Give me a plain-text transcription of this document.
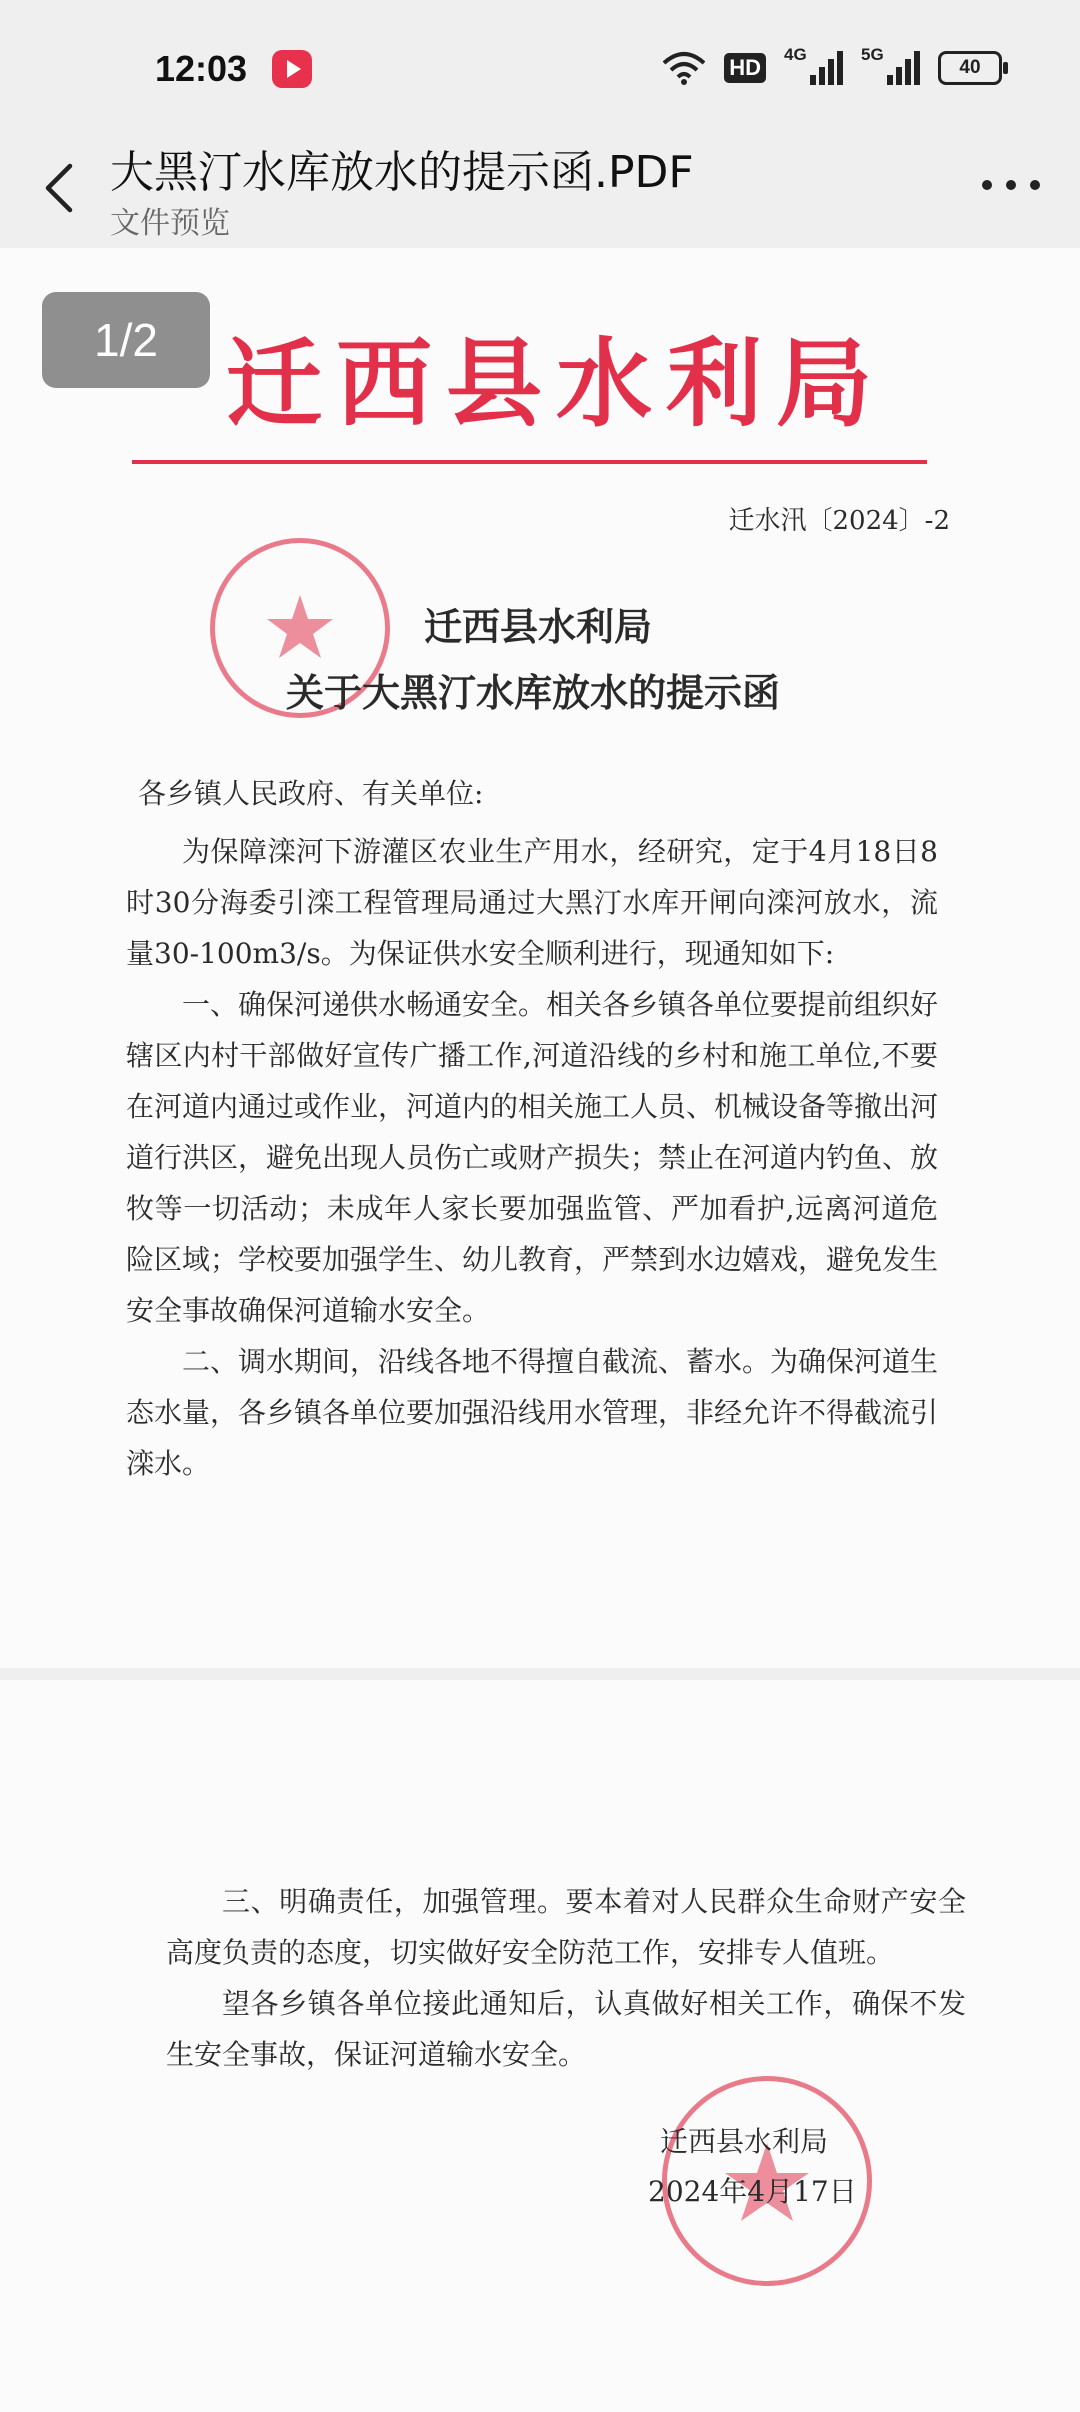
12:03	HD
4G	5G
40
大黑汀水库放水的提示函.PDF
文件预览
1/2 迁西县水利局
迁水汛〔2024〕-2
迁西县水利局
关于大黑汀水库放水的提示函
各乡镇人民政府、有关单位:

为保障滦河下游灌区农业生产用水，经研究，定于4月18日8时30分海委引滦工程管理局通过大黑汀水库开闸向滦河放水，流量30-100m3/s。为保证供水安全顺利进行，现通知如下:

一、确保河递供水畅通安全。相关各乡镇各单位要提前组织好辖区内村干部做好宣传广播工作,河道沿线的乡村和施工单位,不要在河道内通过或作业，河道内的相关施工人员、机械设备等撤出河道行洪区，避免出现人员伤亡或财产损失；禁止在河道内钓鱼、放牧等一切活动；未成年人家长要加强监管、严加看护,远离河道危险区域；学校要加强学生、幼儿教育，严禁到水边嬉戏，避免发生安全事故确保河道输水安全。

二、调水期间，沿线各地不得擅自截流、蓄水。为确保河道生态水量，各乡镇各单位要加强沿线用水管理，非经允许不得截流引滦水。

三、明确责任，加强管理。要本着对人民群众生命财产安全高度负责的态度，切实做好安全防范工作，安排专人值班。

望各乡镇各单位接此通知后，认真做好相关工作，确保不发生安全事故，保证河道输水安全。

迁西县水利局
2024年4月17日
